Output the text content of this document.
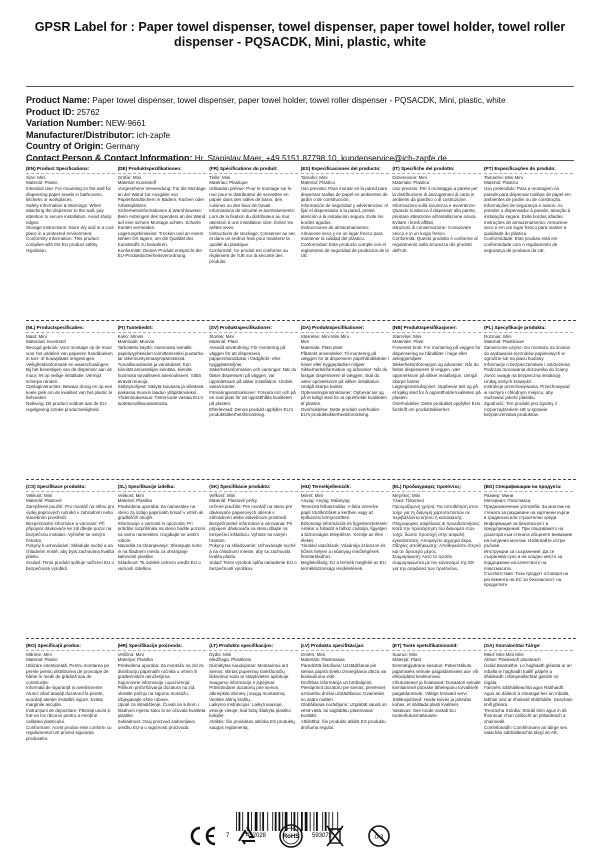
GPSR Label for : Paper towel dispenser, towel dispenser, paper towel holder, towel roller dispenser - PQSACDK, Mini, plastic, white
Product Name: Paper towel dispenser, towel dispenser, paper towel holder, towel roller dispenser - PQSACDK, Mini, plastic, white
Product ID: 25762
Variation Number: NEW-9661
Manufacturer/Distributor: ich-zapfe
Country of Origin: Germany
Contact Person & Contact Information: Hr. Stanislav Maer, +49 5151 87798 10, kundenservice@ich-zapfe.de
(EN) Product Specifications:
Size: Mini
Material: Plastic
Intended Use: For mounting on the wall for dispensing paper towels in bathrooms, kitchens or workplaces.
Safety Information & Warnings: When attaching the dispenser to the wall, pay attention to secure installation. Avoid sharp edges.
Storage Instructions: Store dry and in a cool place in a protected environment.
Conformity Information: This product complies with the EU product safety regulation.
(DE) Produktspezifikationen:
Größe: Mini
Material: Kunststoff
Vorgesehene Verwendung: Für die Montage an der Wand zur Ausgabe von Papierhandtüchern in Bädern, Küchen oder Arbeitsplätzen.
Sicherheitsinformationen & Warnhinweise: Beim Anbringen des Spenders an der Wand auf eine sichere Montage achten. Scharfe Kanten vermeiden.
Lagerungshinweise: Trocken und an einem kühlen Ort lagern, um die Qualität des Kunststoffs zu bewahren.
Konformität: Dieses Produkt entspricht der EU-Produktsicherheitsverordnung.
(FR) Spécifications du produit:
Taille: Mini
Matériau: Plastique
Utilisation prévue: Pour le montage sur le mur pour le distributeur de serviettes en papier dans des salles de bains, des cuisines ou des lieux de travail.
Informations de sécurité et avertissements: Lors de la fixation du distributeur au mur, attention à une installation sûre. Évitez les arêtes vives.
Instructions de stockage: Conserver au sec et dans un endroit frais pour maintenir la qualité du plastique.
Conformité: Ce produit est conforme au règlement de l'UE sur la sécurité des produits.
(ES) Especificaciones del producto:
Tamaño: Mini
Material: Plástico
Uso previsto: Para montar en la pared para dispensar toallas de papel en ambientes de jardín o de construcción.
Información de seguridad y advertencias: Al fijar el dispensador a la pared, preste atención a la instalación segura. Evite los bordes agudos.
Instrucciones de almacenamiento: Almacene seco y en un lugar fresco para mantener la calidad del plástico.
Conformidad: Este producto cumple con el reglamento de seguridad de productos de la UE.
(IT) Specifiche del prodotto:
Dimensione: Mini
Materiale: Plastica
Uso previsto: Per il montaggio a parete per la distribuzione di asciugamani di carta in ambienti da giardino o di costruzione.
Informazioni sulla sicurezza e avvertenze: Quando si attacca il dispenser alla parete, prestare attenzione all'installazione sicura. Evitare i bordi affilati.
Istruzioni di conservazione: Conservare secco e in un luogo fresco.
Conformità: Questo prodotto è conforme al regolamento sulla sicurezza dei prodotti dell'UE.
(PT) Especificações do produto:
Tamanho: Mini Mini
Material: Plástico
Uso pretendido: Para a montagem na parede para dispensar toalhas de papel em ambientes de jardim ou de construção.
Informações de segurança e avisos: Ao prender o dispensador à parede, atenção à instalação segura. Evite bordas afiadas.
Instruções de armazenamento: Armazene seco e em um lugar fresco para manter a qualidade do plástico.
Conformidade: Este produto está em conformidade com o regulamento de segurança de produtos da UE.
(NL) Productspecificaties:
Maat: Mini
Materiaal: Kunststof
Beoogd gebruik: Voor montage op de muur voor het uitdelen van papieren handdoeken in tuin- of bouwplaats omgevingen.
Veiligheidsinformatie en waarschuwingen: Bij het bevestigen van de dispenser aan de muur, let op veilige installatie. Vermijd scherpe randen.
Opslaginstructies: Bewaar droog en op een koele plek om de kwaliteit van het plastic te behouden.
Naleving: Dit product voldoet aan de EU-regelgeving inzake productveiligheid.
(FI) Tuotetiedot:
Koko: Minimi
Materiaali: Muovia
Tarkoitettu käyttö: Asennusta seinälle paperipyyhkeiden toimittamiseksi puutarha- tai rakennustyömaaympäristöissä.
Turvallisuustiedot ja varoitukset: Kun kiinnität annostelijan seinään, kiinnitä huomiota turvalliseen asennukseen. Vältä teräviä reunoja.
Säilytysohjeet: Säilytä kuivassa ja viileässä paikassa muovin laadun ylläpitämiseksi.
Yhdenmukaisuus: Tämä tuote vastaa EU:n tuoteturvallisuusasetusta.
(SV) Produktspecifikationer:
Storlek: Mini
Material: Plast
Avsedd användning: För montering på väggen för att dispensera pappershanddukar i trädgårds- eller byggplatsmiljöer.
Säkerhetsinformation och varningar: När du fäster dispensern på väggen, var uppmärksam på säker installation. Undvik vassa kanter.
Förvaringsinstruktioner: Förvara torr och på en sval plats för att upprätthålla kvaliteten på plasten.
Efterlevnad: Denna produkt uppfyller EU:s produktsäkerhetsförordning.
(DA) Produktspecifikationer:
Størrelse: Mini Mini Mini
Mini
Materiale: Plast plast
Påtænkt anvendelse: Til montering på væggen for at dispensere papirhåndklæder i haver eller byggepladser miljøer.
Sikkerhedsinformation og advarsler: Når du fastgør dispenseren til væggen, skal du være opmærksom på sikker installation. Undgå skarpe kanter.
Opbevaringsinstruktioner: Opbevar tør og på et køligt sted for at opretholde kvaliteten af plasten.
Overholdelse: Dette produkt overholder EU's produktsikkerhedsforordning.
(NB) Produktspesifikasjoner:
Størrelse: Mini
Materiale: Plast
Forventet bruk: For montering på veggen for dispensering av håndklær i hage eller anleggsmiljøer.
Sikkerhetsinformasjon og advarsler: Når du fester dispenseren til veggen, vær oppmerksom på sikker installasjon. Unngå skarpe kanter.
Lagringsinstruksjoner: Oppbevar tørt og på et kjølig sted for å opprettholde kvaliteten på plasten.
Overholdelse: Dette produktet oppfyller EUs forskrift om produktsikkerhet.
(PL) Specyfikacje produktu:
Rozmiar: Mini
Materiał: Plastikowe
Zamierzone użycie: Do montażu na ścianie do wydawania ręczników papierowych w ogrodzie lub na placu budowy.
Informacje o bezpieczeństwie i ostrzeżenia: Podczas mocowania dozownika do ściany zwróć uwagę na bezpieczną instalację. Unikaj ostrych krawędzi.
Instrukcje przechowywania: Przechowywać w suchym i chłodnym miejscu, aby zachować jakość plastiku.
Zgodność: Ten produkt jest zgodny z rozporządzeniem UE w sprawie bezpieczeństwa produktów.
(CS) Specifikace produktu:
Velikost: Mini
Materiál: Plastové
Zamýšlené použití: Pro montáž na stěnu pro výdej papírových ručníků v zahradním nebo stavebním prostředí.
Bezpečnostní informace a varování: Při připojení dávkovače ke zdi dbejte pozor na bezpečnou instalaci. Vyhněte se ostrým hranám.
Pokyny k uchovávání: Skladujte suché a na chladném místě, aby byla zachována kvalita plastu.
Soulad: Tento produkt splňuje nařízení EU o bezpečnosti výrobků.
(SL) Specifikacije izdelka:
Velikost: Mini
Material: Plastika
Predvidena uporaba: Za namestitev na steno za izdajo papirnatih brisač v vrtnih ali gradbiščih okoljih.
Informacije o varnosti in opozorila: Pri pritrditvi razpršilnika na steno bodite pozorni na varno namestitev. Izogibajte se ostrim robom.
Navodila za shranjevanje: Shranjujte suho in na hladnem mestu za ohranjanje kakovosti plastike.
Skladnost: Ta izdelek ustreza uredbi EU o varnosti izdelkov.
(SK) Špecifikácie produktu:
Veľkosť: Mini
Materiál: Plastové prvky
Určené použitie: Pre montáž na stenu pre dávkovače papierových utierok v záhradnom alebo stavebnom prostredí.
Bezpečnostné informácie a varovania: Pri pripojení dávkovača na stenu dbajte na bezpečnú inštaláciu. Vyhnite sa ostrým hranám.
Pokyny na skladovanie: Uchovávajte suché a na chladnom mieste, aby sa zachovala kvalita plastu.
Súlad: Tento výrobok spĺňa nariadenie EÚ o bezpečnosti výrobkov.
(HU) Termékjellemzők:
Méret: Mini
Anyag: Anyag: Műanyag
Tervezett felhasználás: A falra szerelve papír törölközőket a kertben vagy az építkezési környezetben.
Biztonsági információk és figyelmeztetések: Amikor a folladót a falhoz csatolja, figyeljen a biztonságos telepítésre. Kerülje az éles éleket.
Tárolási utasítások: Vásárolja szárazon és hűvös helyen a műanyag minőségének fenntartásához.
Megfelelőség: Ez a termék megfelel az EU termékbiztonsági rendeletének.
(EL) Προδιαγραφές προϊόντος:
Μέγεθος: Mini
Υλικό: Πλαστικό
Προοριζόμενη χρήση: Για τοποθέτηση στον τοίχο για τη διανομή χαρτοπετσετών σε περιβάλλοντα κήπου ή κατασκευής.
Πληροφορίες ασφάλειας & προειδοποιήσεις: Κατά την προσάρτηση του διανομέα στον τοίχο, δώστε προσοχή στην ασφαλή εγκατάσταση. Αποφύγετε αιχμηρά άκρα.
Οδηγίες αποθήκευσης: Αποθηκεύστε στεγνό και σε δροσερό μέρος.
Συμμόρφωση: Αυτό το προϊόν συμμορφώνεται με τον κανονισμό της ΕΕ για την ασφάλεια των προϊόντων.
(BG) Спецификации на продукта:
Размер: Мини
Материал: Пластмаса
Предназначение употреба: За монтаж на стената за раздаване на хартиени кърпи в градински или строителни среди.
Информация за безопасност и предупреждения: При свързването на дозатора към стената обърнете внимание на сигурния монтаж. Избягвайте остри ръбове.
Инструкции за съхранение: Да се съхранява сухо и на хладно място за поддържане на качеството на пластмасата.
Съответствие: Този продукт отговаря на регламента на ЕС за безопасност на продуктите.
(RO) Specificații produs:
Mărime: Mini
Material: Plastic
Utilizare intenționată: Pentru montarea pe perete pentru distribuirea de prosoape de hârtie în medii de grădină sau de construcție.
Informații de siguranță și avertismente: Atunci când atașați dozatorul la perete, acordați atenție instalării sigure. Evitați marginile ascuțite.
Instrucțiuni de depozitare: Păstrați uscat și într-un loc răcoros pentru a menține calitatea plasticului.
Conformare: Acest produs este conform cu regulamentul UE privind siguranța produselor.
(HR) Specifikacije proizvoda:
Veličina: Mini
Materijal: Plastika
Predviđena uporaba: Za montažu na zid za distribuciju papirnatih ručnika u vrtnim ili građevinskim okruženjima.
Sigurnosne informacije i upozorenja: Prilikom pričvršćivanja dozatora na zid, obratite pažnju na sigurnu montažu. Izbjegavajte oštre rubove.
Upute za skladištenje: Čuvati na suhom i hladnom mjestu kako bi se očuvala kvaliteta plastike.
Sukladnost: Ovaj proizvod zadovoljava uredbu EU-a o sigurnosti proizvoda.
(LT) Produkto specifikacijos:
Dydis: Mini
Medžiaga: Plastikinis
Numatytas naudojimas: Montavimui ant sienos, skirtas popierinių rankšluosčių išdavimui sodo ar statybvietės aplinkoje.
Saugumo informacija ir įspėjimai: Pritvirtindami dozatorių prie sienos, atkreipkite dėmesį į saugų montavimą. Venkite aštrių kraštų.
Laikymo instrukcijos: Laikyti sausoje, vėsioje vietoje, kad būtų išlaikyta plastiko kokybė.
Atitiktis: Šis produktas atitinka ES produktų saugos reglamentą.
(LV) Produkta specifikācijas:
Izmērs: Mini
Materiāls: Plastmasas
Paredzētā lietošana: Uzstādīšanai pie sienas papīra dvieļu izsniegšanai dārza vai būvlaukuma vidē.
Drošības informācija un brīdinājumi: Piestiprinot dozatoru pie sienas, pievērsiet uzmanību drošai uzstādīšanai. Izvairieties no asām malām.
Glabāšanas norādījumi: Uzglabāt sausā un vēsā vietā, lai saglabātu plastmasas kvalitāti.
Atbilstība: Šis produkts atbilst ES produktu drošuma regulai.
(ET) Toote spetsifikatsioonid:
Suurus: Mini
Materjal: Plast
Eesmärgipärane kasutus: Paberrätikute jagamiseks seinale paigaldamiseks aia- või ehitusplatsi keskkonnas.
Ohutusteave ja hoiatused: Dosaatori seinale kinnitamisel pöörake tähelepanu turvalisele paigaldamisele. Vältige teravaid servi.
Säilitusjuhised: Hoida kuivas ja jahedas kohas, et säilitada plasti kvaliteet.
Vastavus: See toode vastab ELi tooteohutusmäärusele.
(GA) Sonraíochtaí Táirge:
Méid: Mini Mini Mini
Ábhar: Plaisteach plaisteach
Úsáid Beartaithe: Le haghaidh gléasta ar an mballa le haghaidh tuáillí páipéir a dháileadh i dtimpeallachtaí gairdín nó tógála.
Faisnéis Sábháilteachta agus Rabhaidh: Agus an dáileoir á cheangal leis an mballa, tabhair aird ar shuiteáil shábháilte. Seachain imill ghéara.
Treoracha Stórála: Stóráil tirim agus in áit fhionnuar chun cáilíocht an phlaisteach a choinneáil.
Comhlíonadh: Comhlíonann an táirge seo rialachán sábháilteachta táirgí an AE.
7	452028	593072
RoHS	0-3
